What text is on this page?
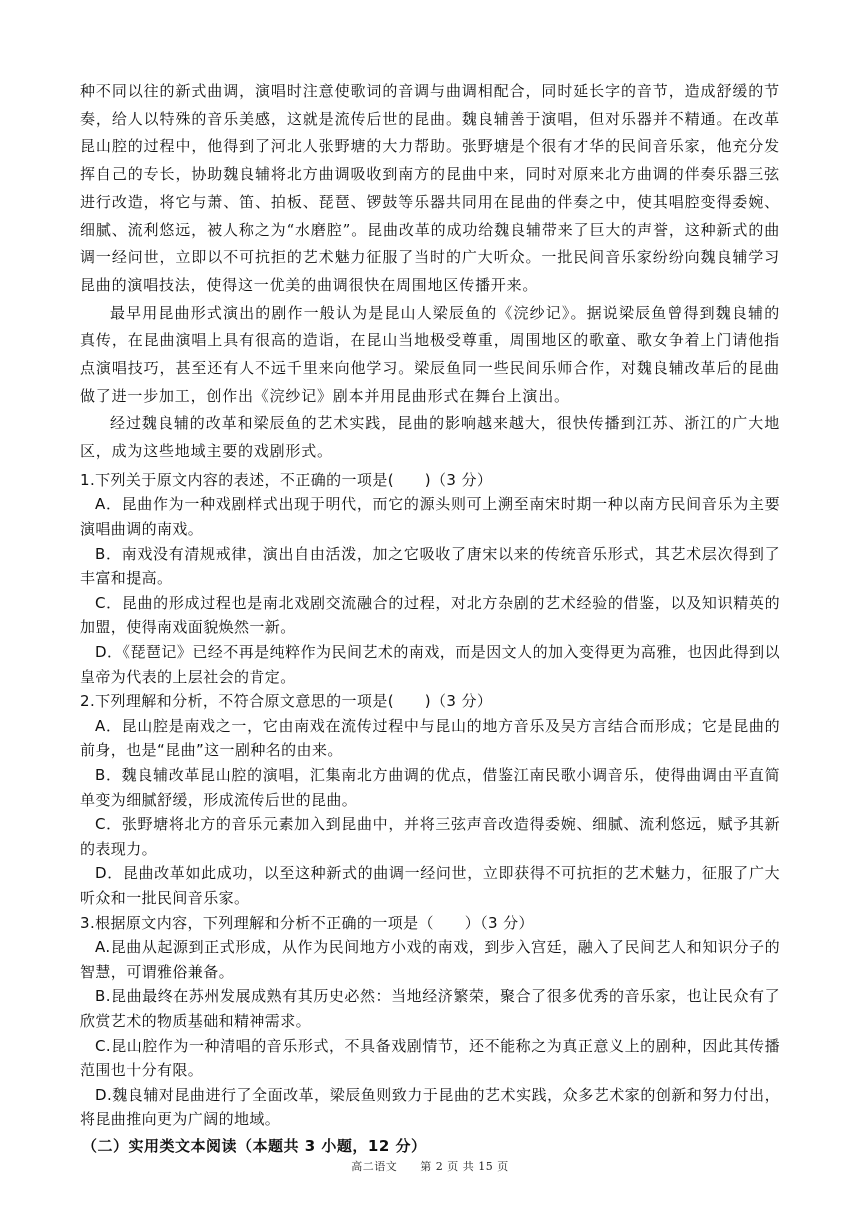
种不同以往的新式曲调，演唱时注意使歌词的音调与曲调相配合，同时延长字的音节，造成舒缓的节奏，给人以特殊的音乐美感，这就是流传后世的昆曲。魏良辅善于演唱，但对乐器并不精通。在改革昆山腔的过程中，他得到了河北人张野塘的大力帮助。张野塘是个很有才华的民间音乐家，他充分发挥自己的专长，协助魏良辅将北方曲调吸收到南方的昆曲中来，同时对原来北方曲调的伴奏乐器三弦进行改造，将它与萧、笛、拍板、琵琶、锣鼓等乐器共同用在昆曲的伴奏之中，使其唱腔变得委婉、细腻、流利悠远，被人称之为“水磨腔”。昆曲改革的成功给魏良辅带来了巨大的声誉，这种新式的曲调一经问世，立即以不可抗拒的艺术魅力征服了当时的广大听众。一批民间音乐家纷纷向魏良辅学习昆曲的演唱技法，使得这一优美的曲调很快在周围地区传播开来。

最早用昆曲形式演出的剧作一般认为是昆山人梁辰鱼的《浣纱记》。据说梁辰鱼曾得到魏良辅的真传，在昆曲演唱上具有很高的造诣，在昆山当地极受尊重，周围地区的歌童、歌女争着上门请他指点演唱技巧，甚至还有人不远千里来向他学习。梁辰鱼同一些民间乐师合作，对魏良辅改革后的昆曲做了进一步加工，创作出《浣纱记》剧本并用昆曲形式在舞台上演出。

经过魏良辅的改革和梁辰鱼的艺术实践，昆曲的影响越来越大，很快传播到江苏、浙江的广大地区，成为这些地域主要的戏剧形式。

1.下列关于原文内容的表述，不正确的一项是(　　)（3 分）

A．昆曲作为一种戏剧样式出现于明代，而它的源头则可上溯至南宋时期一种以南方民间音乐为主要演唱曲调的南戏。

B．南戏没有清规戒律，演出自由活泼，加之它吸收了唐宋以来的传统音乐形式，其艺术层次得到了丰富和提高。

C．昆曲的形成过程也是南北戏剧交流融合的过程，对北方杂剧的艺术经验的借鉴，以及知识精英的加盟，使得南戏面貌焕然一新。

D．《琵琶记》已经不再是纯粹作为民间艺术的南戏，而是因文人的加入变得更为高雅，也因此得到以皇帝为代表的上层社会的肯定。

2.下列理解和分析，不符合原文意思的一项是(　　)（3 分）

A．昆山腔是南戏之一，它由南戏在流传过程中与昆山的地方音乐及吴方言结合而形成；它是昆曲的前身，也是“昆曲”这一剧种名的由来。

B．魏良辅改革昆山腔的演唱，汇集南北方曲调的优点，借鉴江南民歌小调音乐，使得曲调由平直简单变为细腻舒缓，形成流传后世的昆曲。

C．张野塘将北方的音乐元素加入到昆曲中，并将三弦声音改造得委婉、细腻、流利悠远，赋予其新的表现力。

D．昆曲改革如此成功，以至这种新式的曲调一经问世，立即获得不可抗拒的艺术魅力，征服了广大听众和一批民间音乐家。

3.根据原文内容，下列理解和分析不正确的一项是（　　）（3 分）

A.昆曲从起源到正式形成，从作为民间地方小戏的南戏，到步入宫廷，融入了民间艺人和知识分子的智慧，可谓雅俗兼备。

B.昆曲最终在苏州发展成熟有其历史必然：当地经济繁荣，聚合了很多优秀的音乐家，也让民众有了欣赏艺术的物质基础和精神需求。

C.昆山腔作为一种清唱的音乐形式，不具备戏剧情节，还不能称之为真正意义上的剧种，因此其传播范围也十分有限。

D.魏良辅对昆曲进行了全面改革，梁辰鱼则致力于昆曲的艺术实践，众多艺术家的创新和努力付出，将昆曲推向更为广阔的地域。

（二）实用类文本阅读（本题共 3 小题，12 分）

高二语文　　第 2 页 共 15 页
